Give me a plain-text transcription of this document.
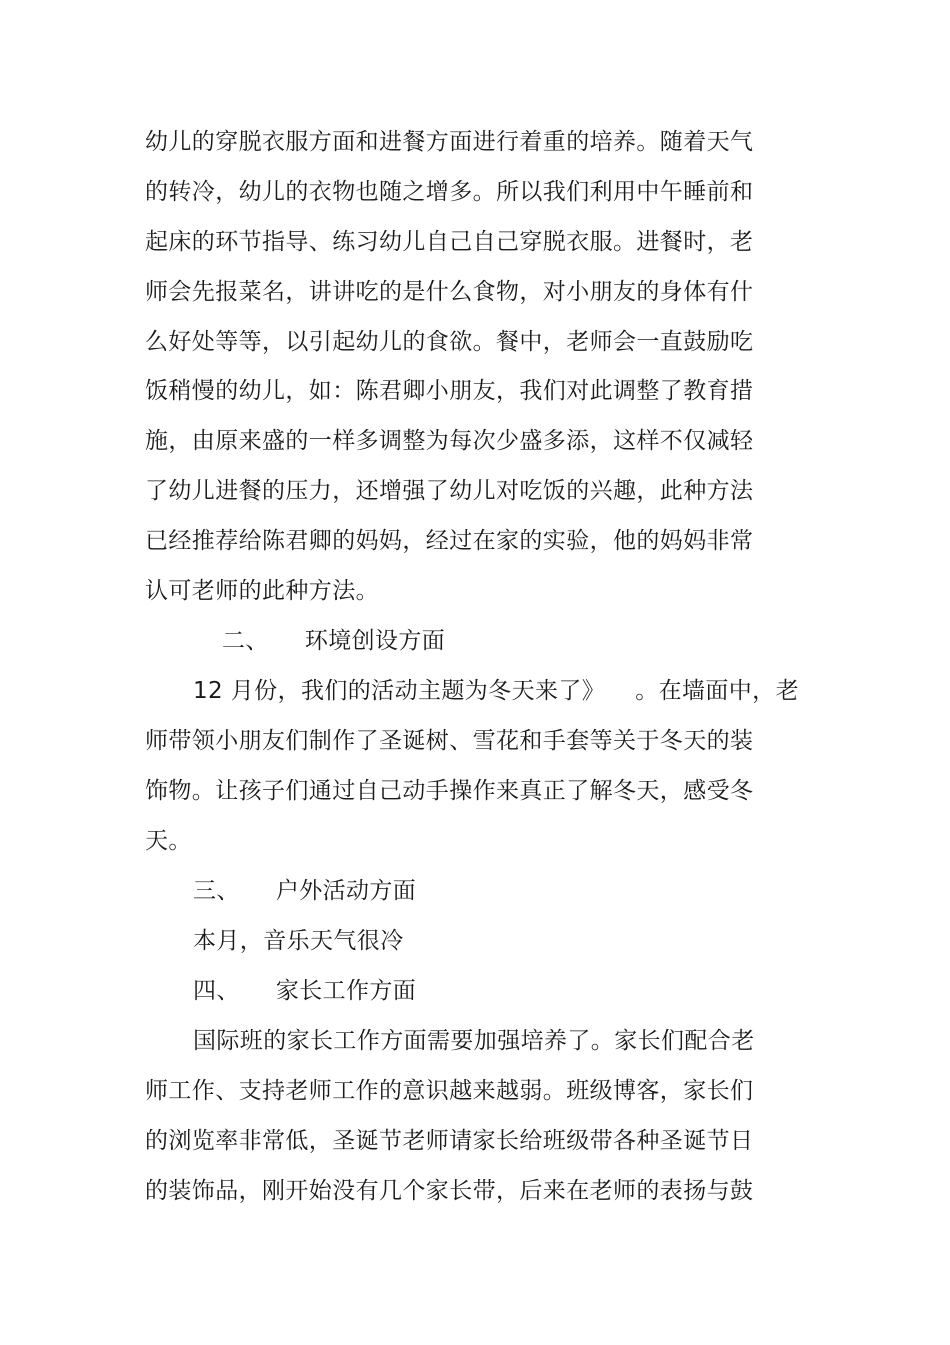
幼儿的穿脱衣服方面和进餐方面进行着重的培养。随着天气
的转冷，幼儿的衣物也随之增多。所以我们利用中午睡前和
起床的环节指导、练习幼儿自己自己穿脱衣服。进餐时，老
师会先报菜名，讲讲吃的是什么食物，对小朋友的身体有什
么好处等等，以引起幼儿的食欲。餐中，老师会一直鼓励吃
饭稍慢的幼儿，如：陈君卿小朋友，我们对此调整了教育措
施，由原来盛的一样多调整为每次少盛多添，这样不仅减轻
了幼儿进餐的压力，还增强了幼儿对吃饭的兴趣，此种方法
已经推荐给陈君卿的妈妈，经过在家的实验，他的妈妈非常
认可老师的此种方法。
二、 环境创设方面
12 月份，我们的活动主题为冬天来了》 。在墙面中，老
师带领小朋友们制作了圣诞树、雪花和手套等关于冬天的装
饰物。让孩子们通过自己动手操作来真正了解冬天，感受冬
天。
三、 户外活动方面
本月，音乐天气很冷
四、 家长工作方面
国际班的家长工作方面需要加强培养了。家长们配合老
师工作、支持老师工作的意识越来越弱。班级博客，家长们
的浏览率非常低，圣诞节老师请家长给班级带各种圣诞节日
的装饰品，刚开始没有几个家长带，后来在老师的表扬与鼓
